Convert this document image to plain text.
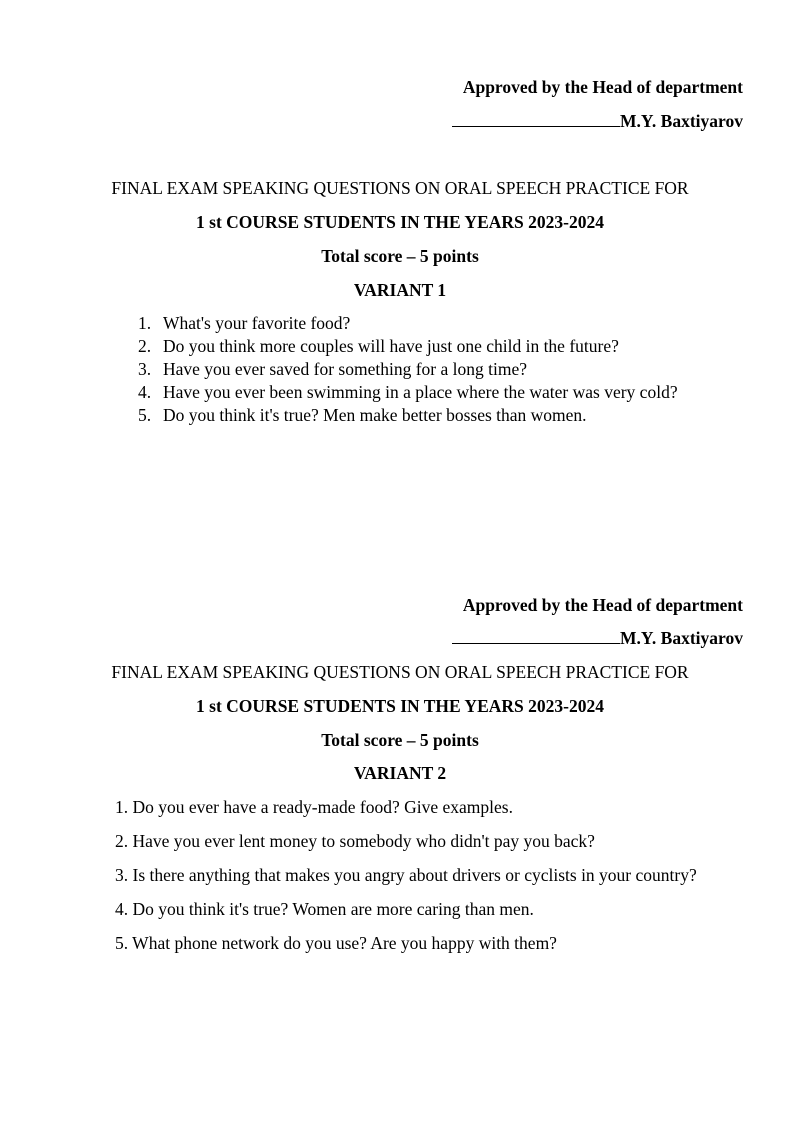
Approved by the Head of department
M.Y. Baxtiyarov
FINAL EXAM SPEAKING QUESTIONS ON ORAL SPEECH PRACTICE FOR
1 st COURSE STUDENTS IN THE YEARS 2023-2024
Total score – 5 points
VARIANT 1
1. What's your favorite food?
2. Do you think more couples will have just one child in the future?
3. Have you ever saved for something for a long time?
4. Have you ever been swimming in a place where the water was very cold?
5. Do you think it's true? Men make better bosses than women.
Approved by the Head of department
M.Y. Baxtiyarov
FINAL EXAM SPEAKING QUESTIONS ON ORAL SPEECH PRACTICE FOR
1 st COURSE STUDENTS IN THE YEARS 2023-2024
Total score – 5 points
VARIANT 2
1. Do you ever have a ready-made food? Give examples.
2. Have you ever lent money to somebody who didn't pay you back?
3. Is there anything that makes you angry about drivers or cyclists in your country?
4. Do you think it's true? Women are more caring than men.
5. What phone network do you use? Are you happy with them?
